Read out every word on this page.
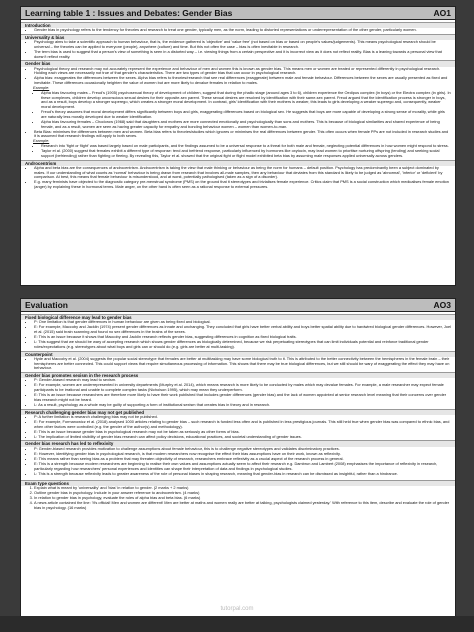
Learning table 1 : Issues and Debates: Gender Bias	AO1
Introduction
• Gender bias in psychology refers to the tendency for theories and research to treat one gender, typically men, as the norm, leading to distorted representations or underrepresentation of the other gender, particularly women.
Universality & bias
• Psychology aims to take a scientific approach to human behaviour, that is, the evidence gathered is 'objective' and 'value free' (not based on bias or based on people's values/judgements). This means psychological research should be universal – the theories can be applied to everyone (people), anywhere (culture) and time. But this not often the case – bias is often inevitable in research.
• The term bias is used to suggest that a person's view of something is seen in a distorted way – i.e. viewing things from a certain perspective and it is incorrect view as it does not reflect reality. Bias is a leaning towards a personal view that doesn't reflect reality.
Gender bias
• Psychological theory and research may not accurately represent the experience and behaviour of men and women this is known as gender bias. This means men or women are treated or represented differently in psychological research. Holding each views are necessarily not true of that gender's characteristics. There are two types of gender bias that can occur in psychological research.
• Alpha bias: exaggerates the differences between the sexes. Alpha bias refers to theories/research that see real differences (exaggerate) between male and female behaviour. Differences between the sexes are usually presented as fixed and inevitable. These differences occasionally heighten the value of women but are more likely to devalue females in relation to males.
Example:
• Alpha bias favouring males – Freud's (1905) psychosexual theory of development of children, suggest that during the phallic stage (around ages 3 to 6), children experience the Oedipus complex (in boys) or the Electra complex (in girls). In these complexes, children develop unconscious sexual desires for their opposite-sex parent. These sexual desires are resolved by identification with their same-sex parent. Freud argued that the identification process is stronger in boys, and as a result, boys develop a stronger superego, which creates a stronger moral development. In contrast, girls' identification with their mothers is weaker, this leads to girls developing a weaker superego and, consequently, weaker moral development.
• Freud's theory assumes that moral development differs significantly between boys and girls, exaggerating differences based on biological sex. He suggests that boys are more capable of developing a strong sense of morality, while girls are naturally less morally developed due to weaker identification.
• Alpha bias favouring females – Chodorow (1968) said that daughters and mothers are more connected emotionally and psychologically than sons and mothers. This is because of biological similarities and shared experience of being female, and as a result, women are seen as having greater capacity for empathy and bonding behaviour women – women than women-to-man.
• Beta Bias: minimises the differences between men and women. Beta bias refers to theories/studies which ignores or minimises the real differences between gender. This often occurs when female PPs are not included in research studies and it is assumed that research findings will apply to both sexes.
Example:
• Research into 'fight or flight' was based largely based on male participants, and the findings assumed to be a universal response to a threat for both male and female, neglecting potential differences in how women might respond to stress.
• Taylor et al. (2000) suggest that females exhibit a different type of response: tend and befriend response, particularly influenced by hormones like oxytocin, may lead women to prioritise nurturing offspring (tending) and seeking social support (befriending) rather than fighting or fleeing. By revealing this, Taylor et al. showed that the original fight or flight model exhibited beta bias by assuming male responses applied universally across genders.
Androcentrism
• Alpha and beta bias are the consequences of androcentrism. Androcentrism is taking the view that male thinking or behaviour as being the norm for humans – default position. Psychology has predominantly been a subject dominated by males. If our understanding of what counts as 'normal' behaviour is being drawn from research that involves all-male samples, then any behaviour that deviates from this standard is likely to be judged as 'abnormal', 'inferior' or 'deficient' by comparison. At best, this means that female behaviour is misunderstood, and at worst, potentially pathologised (taken as a sign of a disorder).
• E.g. many feminists have objected to the diagnostic category pre-menstrual syndrome (PMS) on the ground that it stereotypes and trivialises female experience. Critics claim that PMS is a social construction which medicalises female emotion (anger) by explaining these in hormonal terms. Male anger, on the other hand is often seen as a rational response to external pressures.
Evaluation	AO3
Fixed biological difference may lead to gender bias
• P: One limitation is that gender differences in human behaviour are given as being fixed and biological.
• E: For example, Maccoby and Jacklin (1974) present gender differences as innate and unchanging. They concluded that girls have better verbal ability and boys better spatial ability due to hardwired biological gender differences. However, Joel et al. (2015) said brain scanning and found no sex differences in the brains of the sexes.
• E: This is an issue because it shows that Maccoby and Jacklin research reflects gender bias, suggesting differences in cognition as fixed biological traits.
• L: This suggest that we should be wary of accepting research which shows gender differences as biologically determined, because we risk perpetuating stereotypes that can limit individuals potential and reinforce traditional gender roles/expectations (e.g. stereotypes about what boys and girls can or should do (e.g. girls are better at multi-tasking).
Counterpoint
• Hyde and Maccoby et al. (2004) suggests the popular social stereotype that females are better at multitasking may have some biological truth to it. This is attributed to the better connectivity between the hemispheres in the female brain – their hemispheres are better connected. This could support views that require simultaneous processing of information. This shows that there may be true biological differences, but we still should be wary of exaggerating the effect they may have on behaviour.
Gender bias promotes sexism in the research process
• P: Gender-biased research may lead to sexism.
• E: For example, women are underrepresented in university departments (Murphy et al. 2014), which means research is more likely to be conducted by males which may devalue females. For example, a male researcher may expect female participants to be irrational and unable to complete complex tasks (Nicholson 1995), which may mean they underperform.
• E: This is an issue because researchers are therefore more likely to have their work published that includes gender differences (gender bias) and the lack of women appointed at senior research level meaning that their concerns over gender bias research might not be heard.
• L: As a result, psychology as a whole may be guilty of supporting a form of institutional sexism that creates bias in theory and in research.
Research challenging gender bias may not get published
• P: A further limitation is research challenging bias may not be published.
• E: For example, Formanowicz et al. (2018) analysed 1000 articles relating to gender bias – such research is funded less often and is published in less prestigious journals. This still held true when gender bias was compared to ethnic bias, and when other factors were controlled (e.g. the gender of the author(s) and methodology).
• E: This is an issue because gender bias in psychological research may not be taken as seriously as other forms of bias.
• L: The implication of limited visibility of gender bias research can affect policy decisions, educational practices, and societal understanding of gender issues.
Gender bias research has led to reflexivity
• P: Gender-biased research provides motivation to challenge assumptions about female behaviour, this is to challenge negative stereotypes and validates discriminatory practices.
• E: However, identifying gender bias in psychological research, is that modern researchers now recognise the effect their bias assumptions have on their work, known as reflexivity.
• E: This means rather than seeing bias as a problem that may threaten objectivity of research, researchers embrace reflexivity as a crucial aspect of the research process in general.
• E: This is a strength because modern researchers are beginning to realise their own values and assumptions actually seem to affect their research e.g. Dambrun and Lambert (2008) emphasises the importance of reflexivity in research, particularly regarding how researchers' personal experiences and identities can shape their interpretation of data and findings in psychological studies.
• L: This is a strength because reflexivity leads to greater awareness of the role of personal biases in shaping research, meaning that gender-bias in research can be dismissed as insightful, rather than a hindrance.
Exam type questions
1. Explain what is meant by 'universality' and 'bias' in relation to gender. (2 marks + 2 marks)
2. Outline gender bias in psychology. Include in your answer reference to androcentrism. (4 marks)
3. In relation to gender bias in psychology, evaluate the roles of alpha bias and beta bias. (6 marks)
4. A news article contained the line: 'It's official! Men and women are different! Men are better at maths and women really are better at talking, psychologists claimed yesterday.' With reference to this item, describe and evaluate the role of gender bias in psychology. (16 marks)
tutorpal.com
